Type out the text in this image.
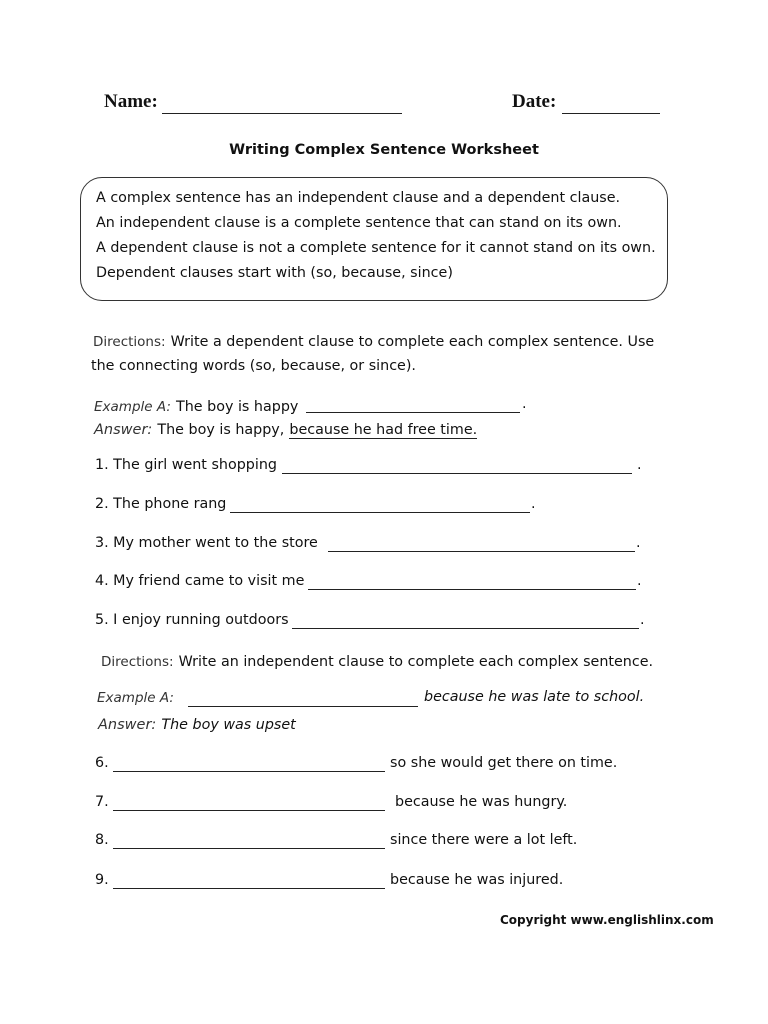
Name:	Date:
Writing Complex Sentence Worksheet
A complex sentence has an independent clause and a dependent clause.
An independent clause is a complete sentence that can stand on its own.
A dependent clause is not a complete sentence for it cannot stand on its own.
Dependent clauses start with (so, because, since)
Directions: Write a dependent clause to complete each complex sentence. Use
the connecting words (so, because, or since).
Example A: The boy is happy	.
Answer: The boy is happy, because he had free time.
1. The girl went shopping	.
2. The phone rang	.
3. My mother went to the store	.
4. My friend came to visit me	.
5. I enjoy running outdoors	.
Directions: Write an independent clause to complete each complex sentence.
Example A:	because he was late to school.
Answer: The boy was upset
6.	so she would get there on time.
7.	because he was hungry.
8.	since there were a lot left.
9.	because he was injured.
Copyright www.englishlinx.com
